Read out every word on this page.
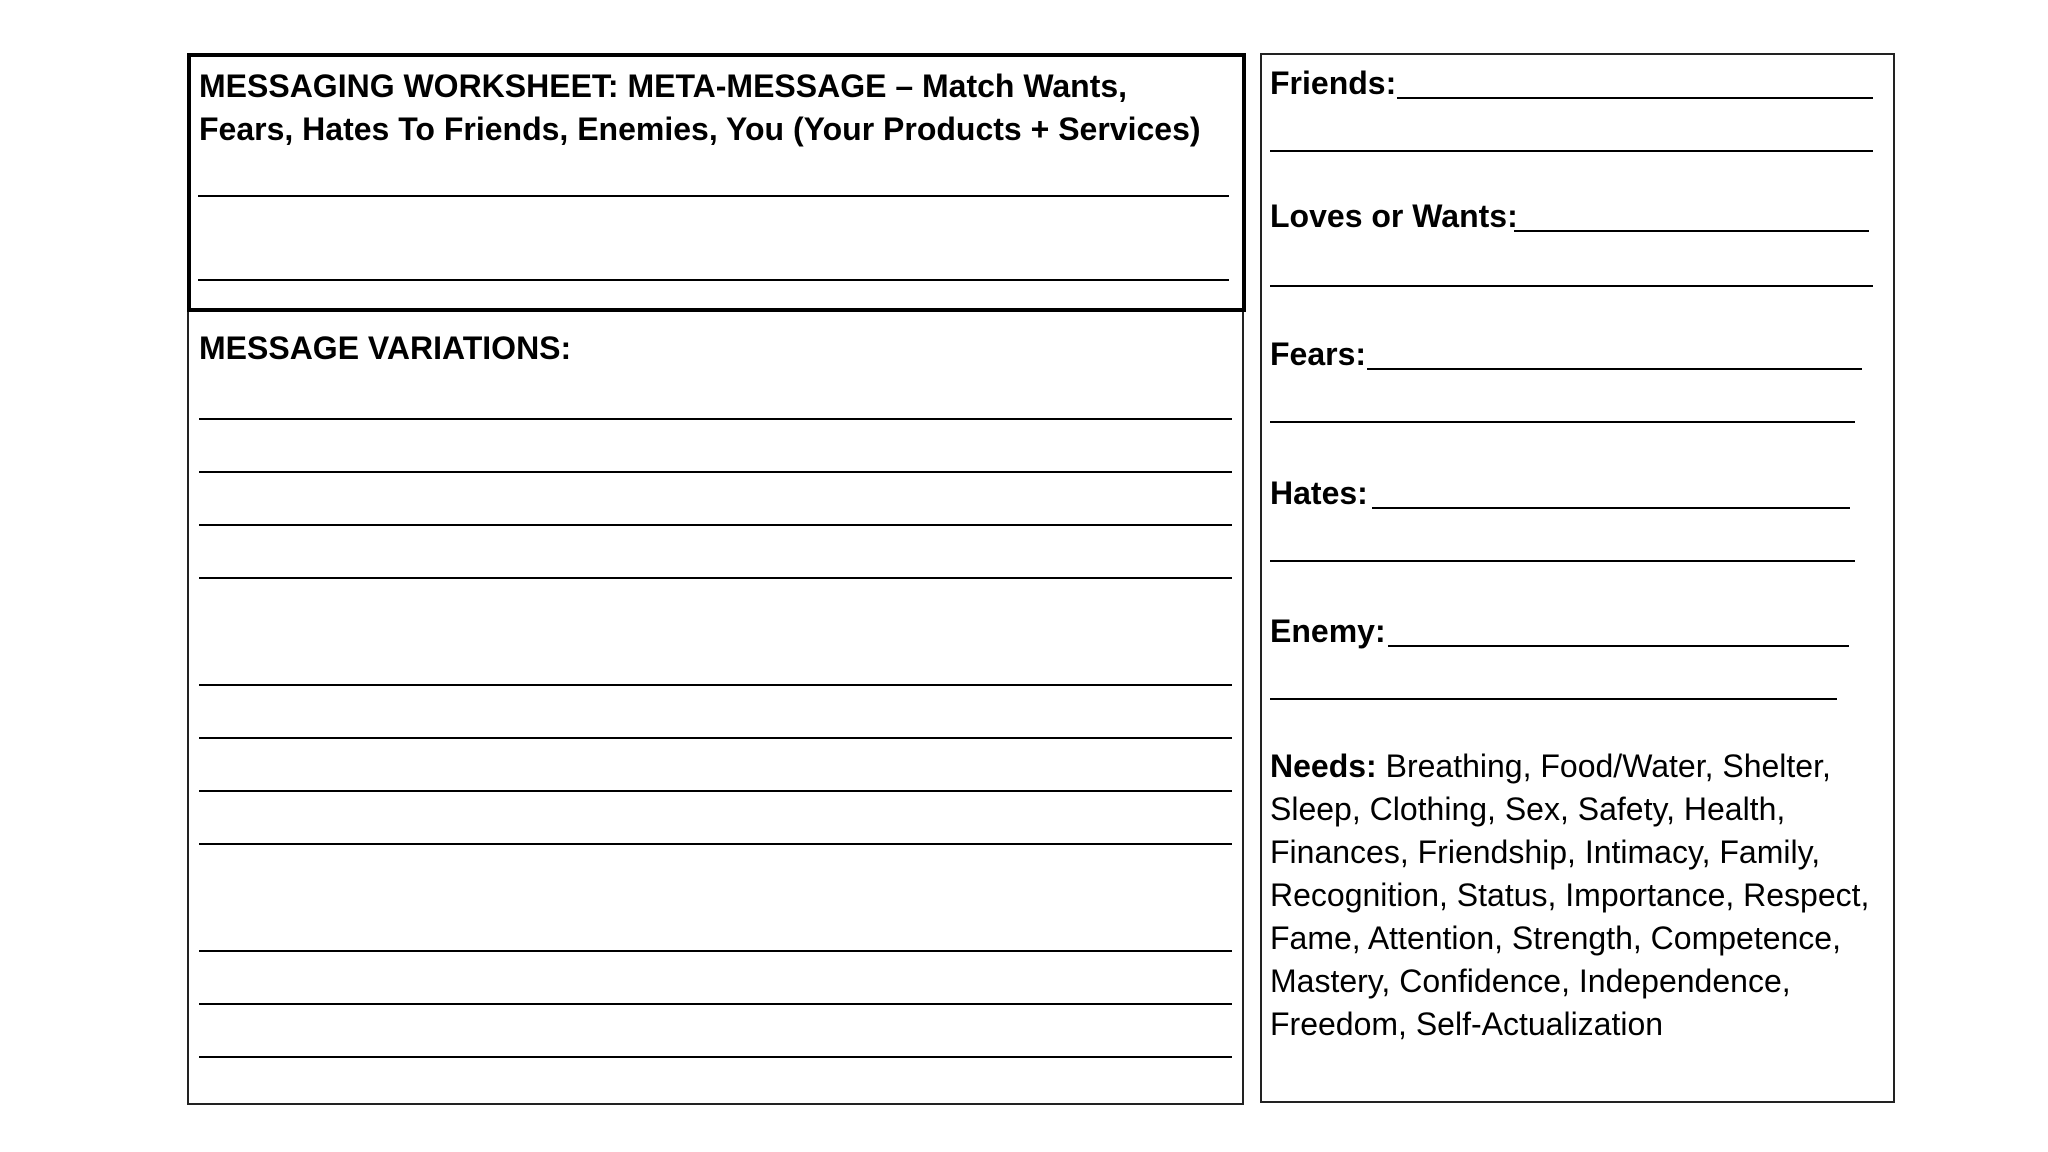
MESSAGING WORKSHEET: META-MESSAGE – Match Wants, Fears, Hates To Friends, Enemies, You (Your Products + Services)

MESSAGE VARIATIONS:

Friends:

Loves or Wants:

Fears:

Hates:

Enemy:

Needs: Breathing, Food/Water, Shelter, Sleep, Clothing, Sex, Safety, Health, Finances, Friendship, Intimacy, Family, Recognition, Status, Importance, Respect, Fame, Attention, Strength, Competence, Mastery, Confidence, Independence, Freedom, Self-Actualization
